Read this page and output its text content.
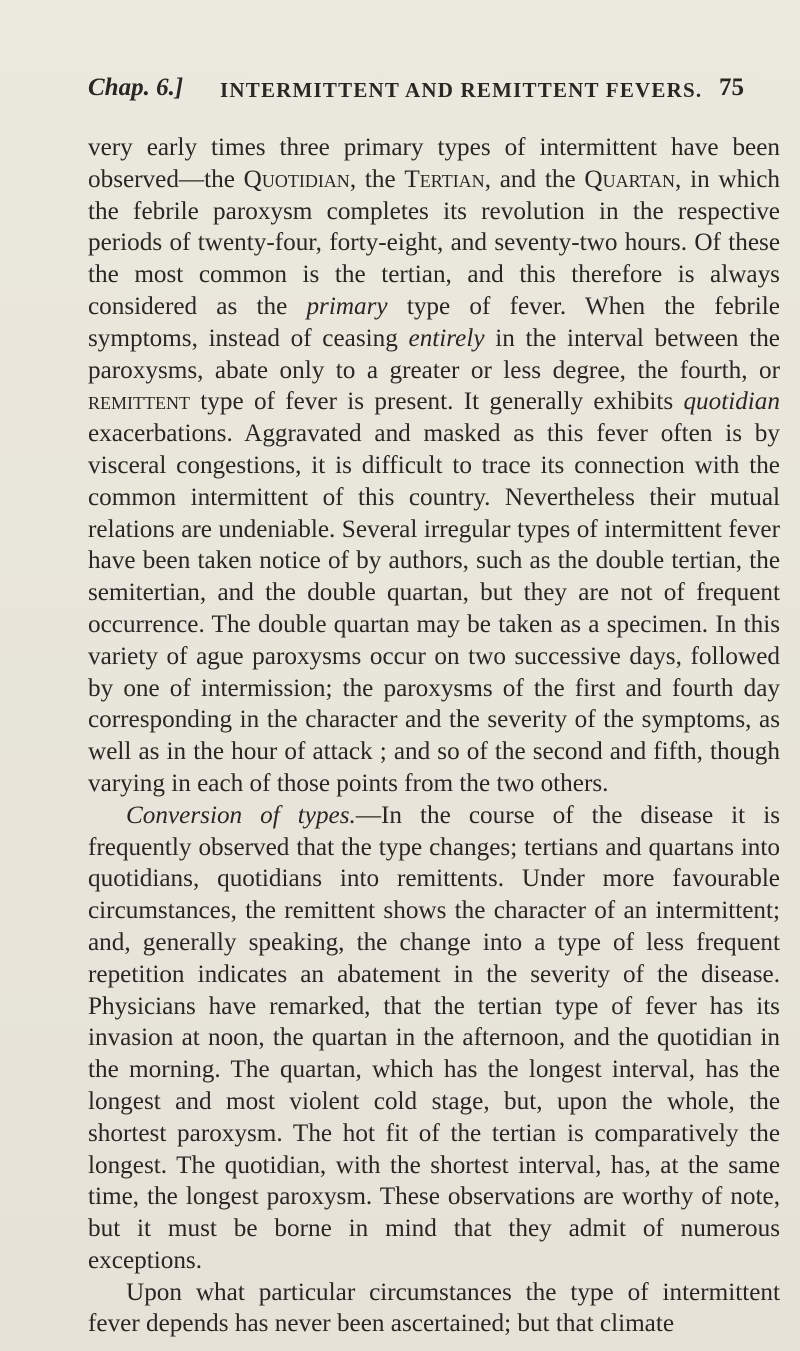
Chap. 6.] INTERMITTENT AND REMITTENT FEVERS. 75

very early times three primary types of intermittent have been observed—the Quotidian, the Tertian, and the Quartan, in which the febrile paroxysm completes its revolution in the respective periods of twenty-four, forty-eight, and seventy-two hours. Of these the most common is the tertian, and this therefore is always considered as the primary type of fever. When the febrile symptoms, instead of ceasing entirely in the interval between the paroxysms, abate only to a greater or less degree, the fourth, or remittent type of fever is present. It generally exhibits quotidian exacerbations. Aggravated and masked as this fever often is by visceral congestions, it is difficult to trace its connection with the common intermittent of this country. Nevertheless their mutual relations are undeniable. Several irregular types of intermittent fever have been taken notice of by authors, such as the double tertian, the semitertian, and the double quartan, but they are not of frequent occurrence. The double quartan may be taken as a specimen. In this variety of ague paroxysms occur on two successive days, followed by one of intermission; the paroxysms of the first and fourth day corresponding in the character and the severity of the symptoms, as well as in the hour of attack ; and so of the second and fifth, though varying in each of those points from the two others.

Conversion of types.—In the course of the disease it is frequently observed that the type changes; tertians and quartans into quotidians, quotidians into remittents. Under more favourable circumstances, the remittent shows the character of an intermittent; and, generally speaking, the change into a type of less frequent repetition indicates an abatement in the severity of the disease. Physicians have remarked, that the tertian type of fever has its invasion at noon, the quartan in the afternoon, and the quotidian in the morning. The quartan, which has the longest interval, has the longest and most violent cold stage, but, upon the whole, the shortest paroxysm. The hot fit of the tertian is comparatively the longest. The quotidian, with the shortest interval, has, at the same time, the longest paroxysm. These observations are worthy of note, but it must be borne in mind that they admit of numerous exceptions.

Upon what particular circumstances the type of intermittent fever depends has never been ascertained; but that climate
